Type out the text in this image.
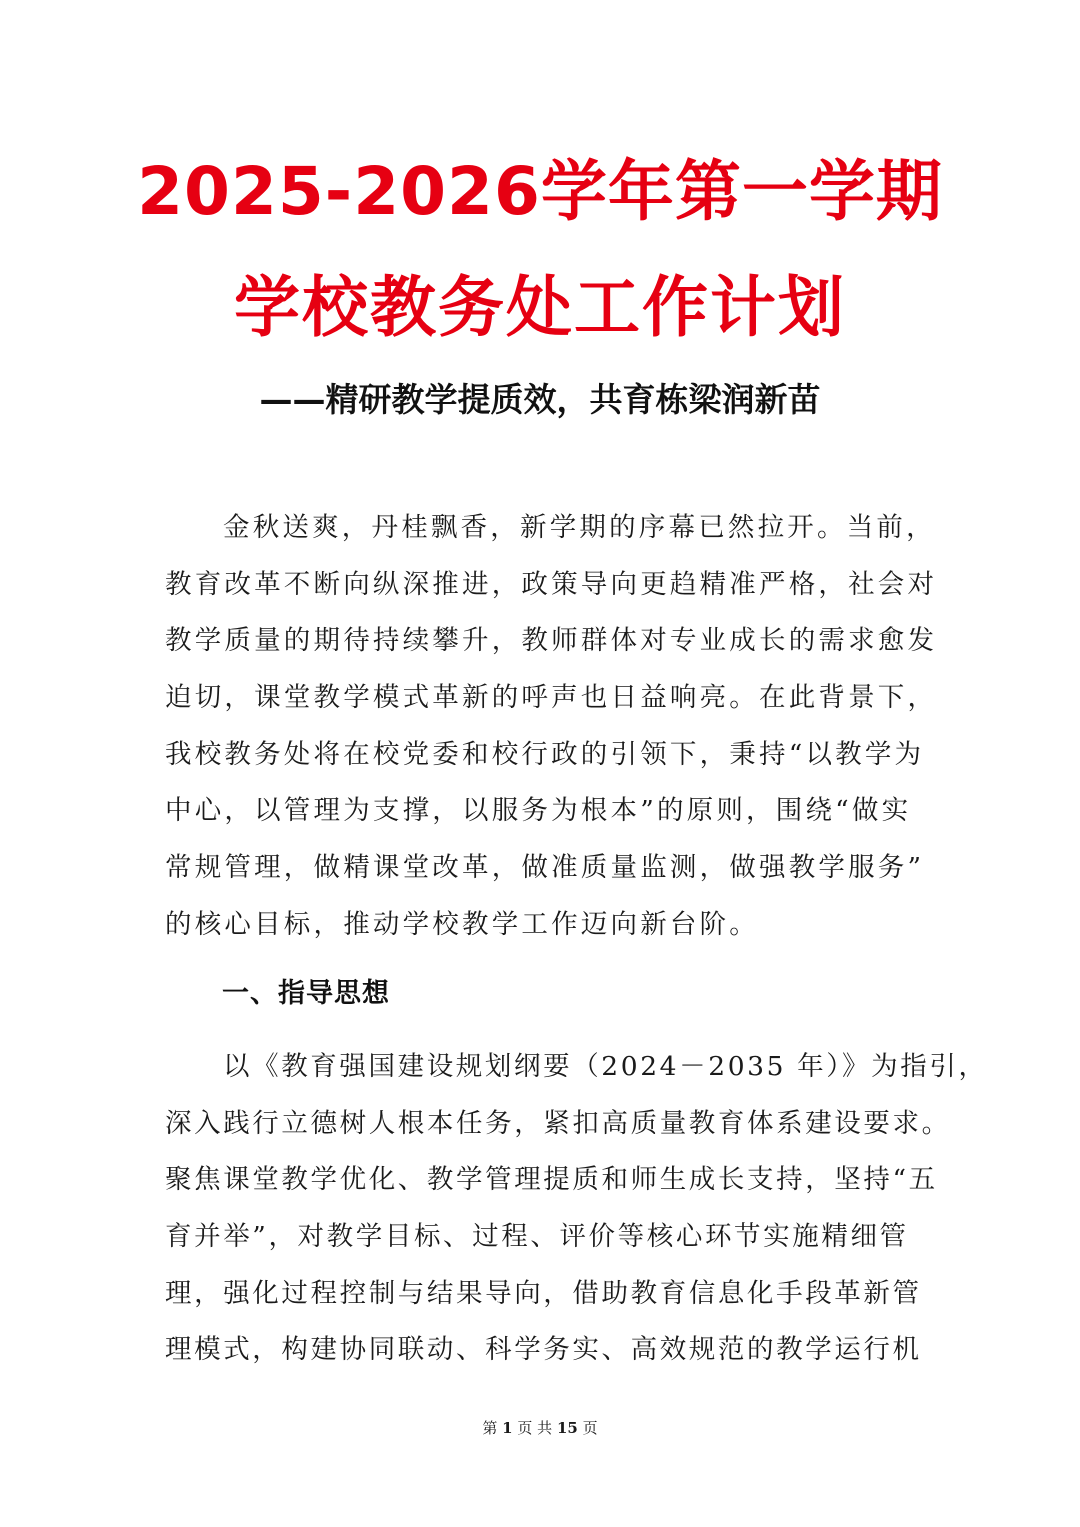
2025-2026学年第一学期
学校教务处工作计划
——精研教学提质效，共育栋梁润新苗
金秋送爽，丹桂飘香，新学期的序幕已然拉开。当前，
教育改革不断向纵深推进，政策导向更趋精准严格，社会对
教学质量的期待持续攀升，教师群体对专业成长的需求愈发
迫切，课堂教学模式革新的呼声也日益响亮。在此背景下，
我校教务处将在校党委和校行政的引领下，秉持“以教学为
中心，以管理为支撑，以服务为根本”的原则，围绕“做实
常规管理，做精课堂改革，做准质量监测，做强教学服务”
的核心目标，推动学校教学工作迈向新台阶。
一、指导思想
以《教育强国建设规划纲要（2024－2035 年）》为指引，
深入践行立德树人根本任务，紧扣高质量教育体系建设要求。
聚焦课堂教学优化、教学管理提质和师生成长支持，坚持“五
育并举”，对教学目标、过程、评价等核心环节实施精细管
理，强化过程控制与结果导向，借助教育信息化手段革新管
理模式，构建协同联动、科学务实、高效规范的教学运行机
第 1 页 共 15 页
